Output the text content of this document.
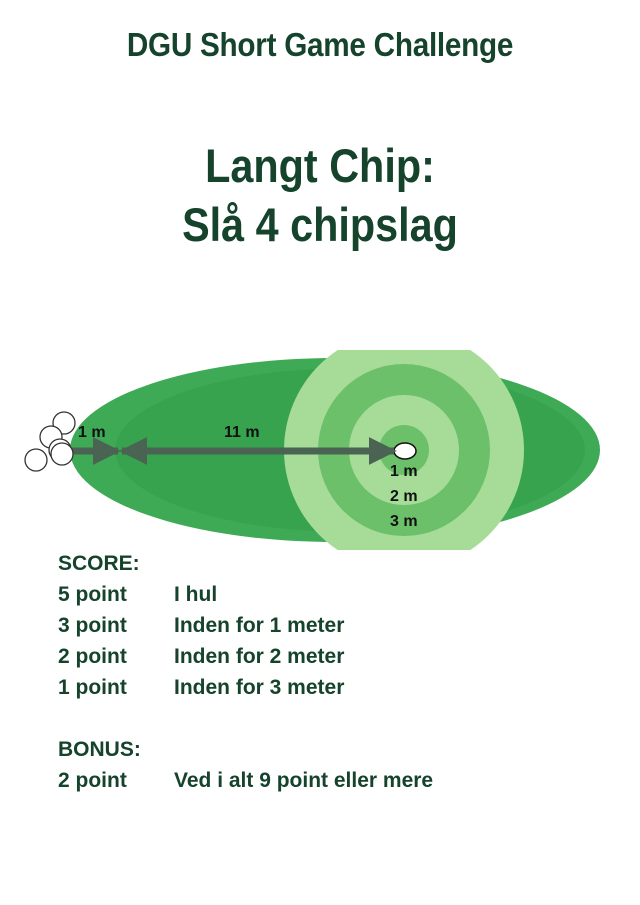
DGU Short Game Challenge
Langt Chip:
Slå 4 chipslag
1 m	11 m
1 m
2 m
3 m
SCORE:
5 point	I hul
3 point	Inden for 1 meter
2 point	Inden for 2 meter
1 point	Inden for 3 meter
BONUS:
2 point	Ved i alt 9 point eller mere
